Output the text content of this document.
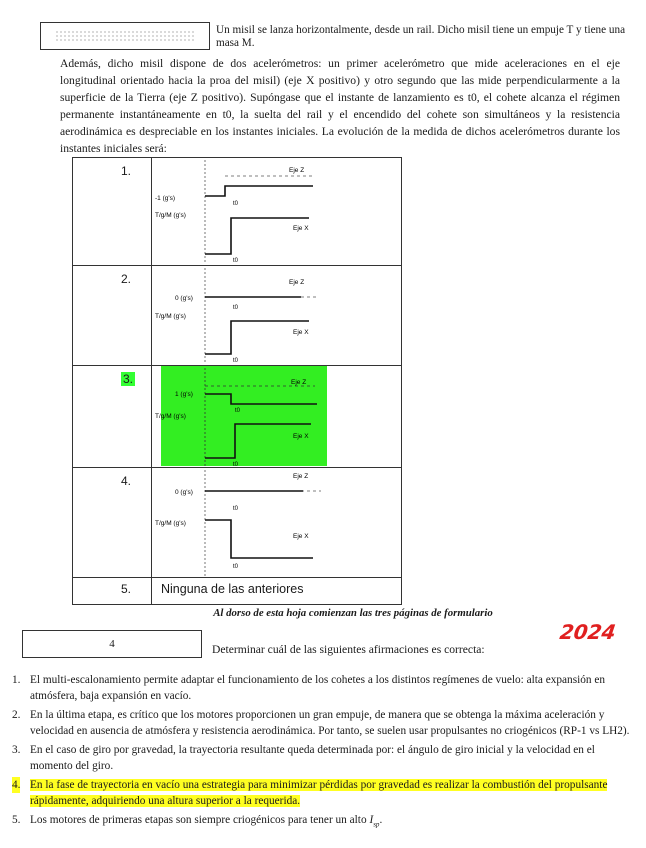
Un misil se lanza horizontalmente, desde un rail. Dicho misil tiene un empuje T y tiene una masa M.
Además, dicho misil dispone de dos acelerómetros: un primer acelerómetro que mide aceleraciones en el eje longitudinal orientado hacia la proa del misil) (eje X positivo) y otro segundo que las mide perpendicularmente a la superficie de la Tierra (eje Z positivo). Supóngase que el instante de lanzamiento es t0, el cohete alcanza el régimen permanente instantáneamente en t0, la suelta del rail y el encendido del cohete son simultáneos y la resistencia aerodinámica es despreciable en los instantes iniciales. La evolución de la medida de dichos acelerómetros durante los instantes iniciales será:
1.
-1 (g's)
T/g/M (g's)
Eje Z
Eje X
t0
t0
2.
0 (g's)
T/g/M (g's)
Eje Z
Eje X
t0
t0
3.
1 (g's)
T/g/M (g's)
Eje Z
Eje X
t0
t0
4.
0 (g's)
T/g/M (g's)
Eje Z
Eje X
t0
t0
5. Ninguna de las anteriores
Al dorso de esta hoja comienzan las tres páginas de formulario
2024
4	Determinar cuál de las siguientes afirmaciones es correcta:
1. El multi-escalonamiento permite adaptar el funcionamiento de los cohetes a los distintos regímenes de vuelo: alta expansión en atmósfera, baja expansión en vacío.
2. En la última etapa, es crítico que los motores proporcionen un gran empuje, de manera que se obtenga la máxima aceleración y velocidad en ausencia de atmósfera y resistencia aerodinámica. Por tanto, se suelen usar propulsantes no criogénicos (RP-1 vs LH2).
3. En el caso de giro por gravedad, la trayectoria resultante queda determinada por: el ángulo de giro inicial y la velocidad en el momento del giro.
4. En la fase de trayectoria en vacío una estrategia para minimizar pérdidas por gravedad es realizar la combustión del propulsante rápidamente, adquiriendo una altura superior a la requerida.
5. Los motores de primeras etapas son siempre criogénicos para tener un alto $I_{sp}$.
